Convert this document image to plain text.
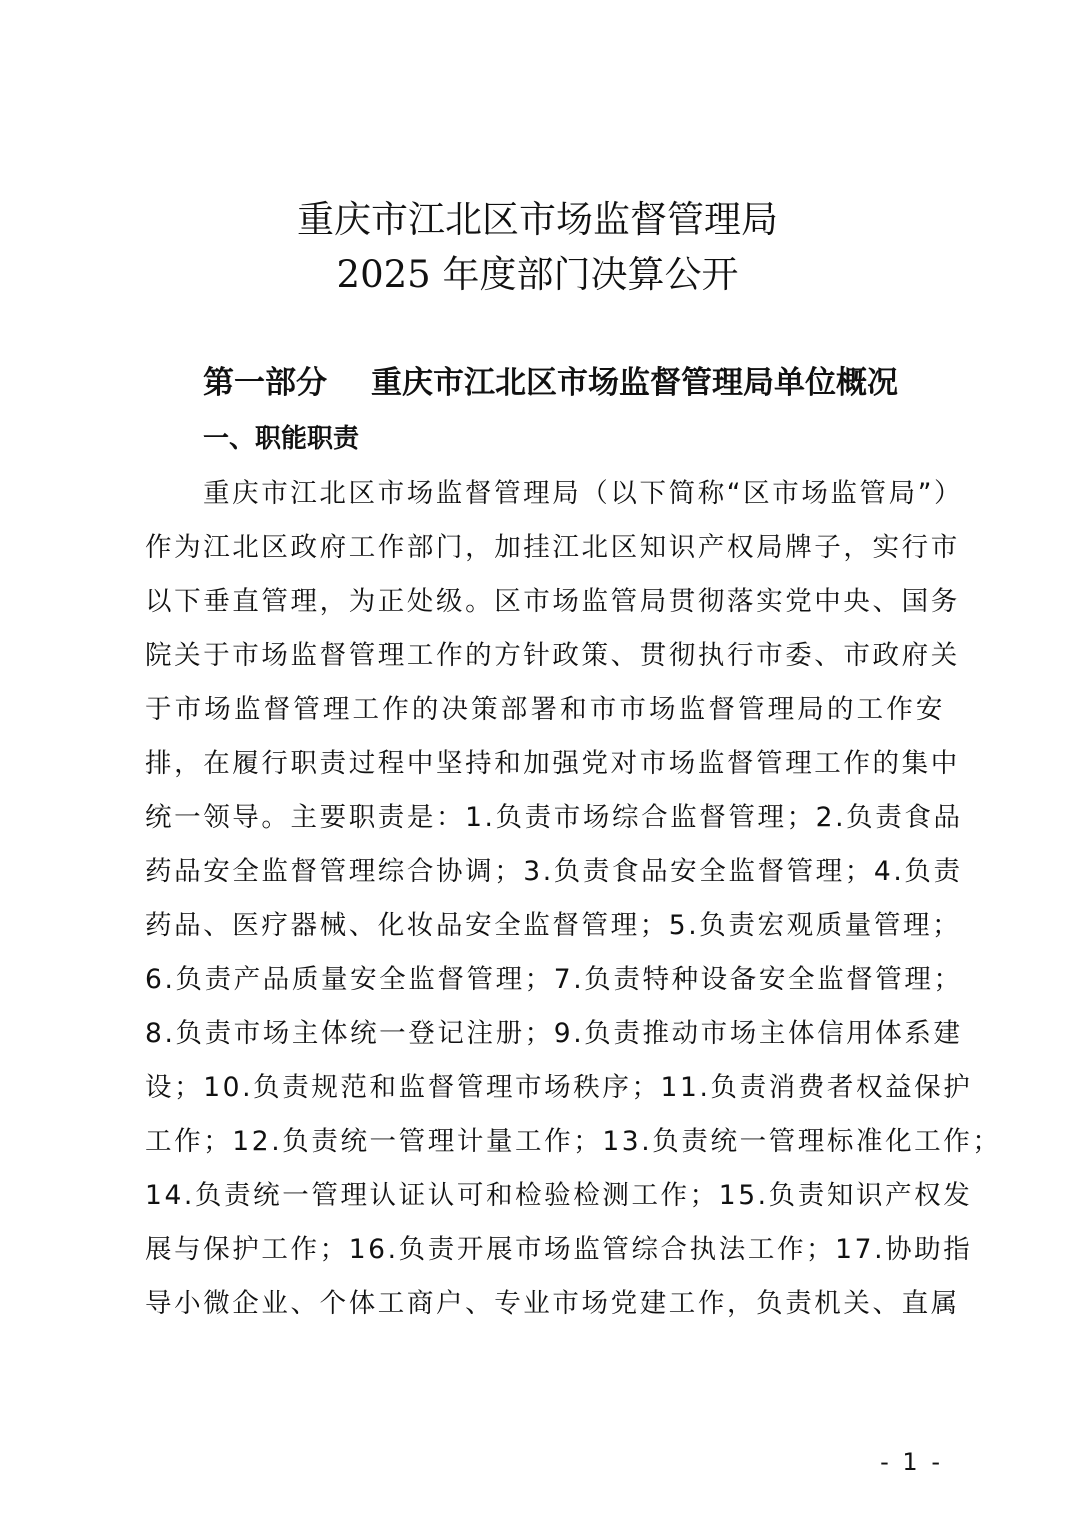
重庆市江北区市场监督管理局
2025 年度部门决算公开
第一部分 重庆市江北区市场监督管理局单位概况
一、职能职责
重庆市江北区市场监督管理局（以下简称“区市场监管局”）
作为江北区政府工作部门，加挂江北区知识产权局牌子，实行市
以下垂直管理，为正处级。区市场监管局贯彻落实党中央、国务
院关于市场监督管理工作的方针政策、贯彻执行市委、市政府关
于市场监督管理工作的决策部署和市市场监督管理局的工作安
排，在履行职责过程中坚持和加强党对市场监督管理工作的集中
统一领导。主要职责是：1.负责市场综合监督管理；2.负责食品
药品安全监督管理综合协调；3.负责食品安全监督管理；4.负责
药品、医疗器械、化妆品安全监督管理；5.负责宏观质量管理；
6.负责产品质量安全监督管理；7.负责特种设备安全监督管理；
8.负责市场主体统一登记注册；9.负责推动市场主体信用体系建
设；10.负责规范和监督管理市场秩序；11.负责消费者权益保护
工作；12.负责统一管理计量工作；13.负责统一管理标准化工作；
14.负责统一管理认证认可和检验检测工作；15.负责知识产权发
展与保护工作；16.负责开展市场监管综合执法工作；17.协助指
导小微企业、个体工商户、专业市场党建工作，负责机关、直属
- 1 -
